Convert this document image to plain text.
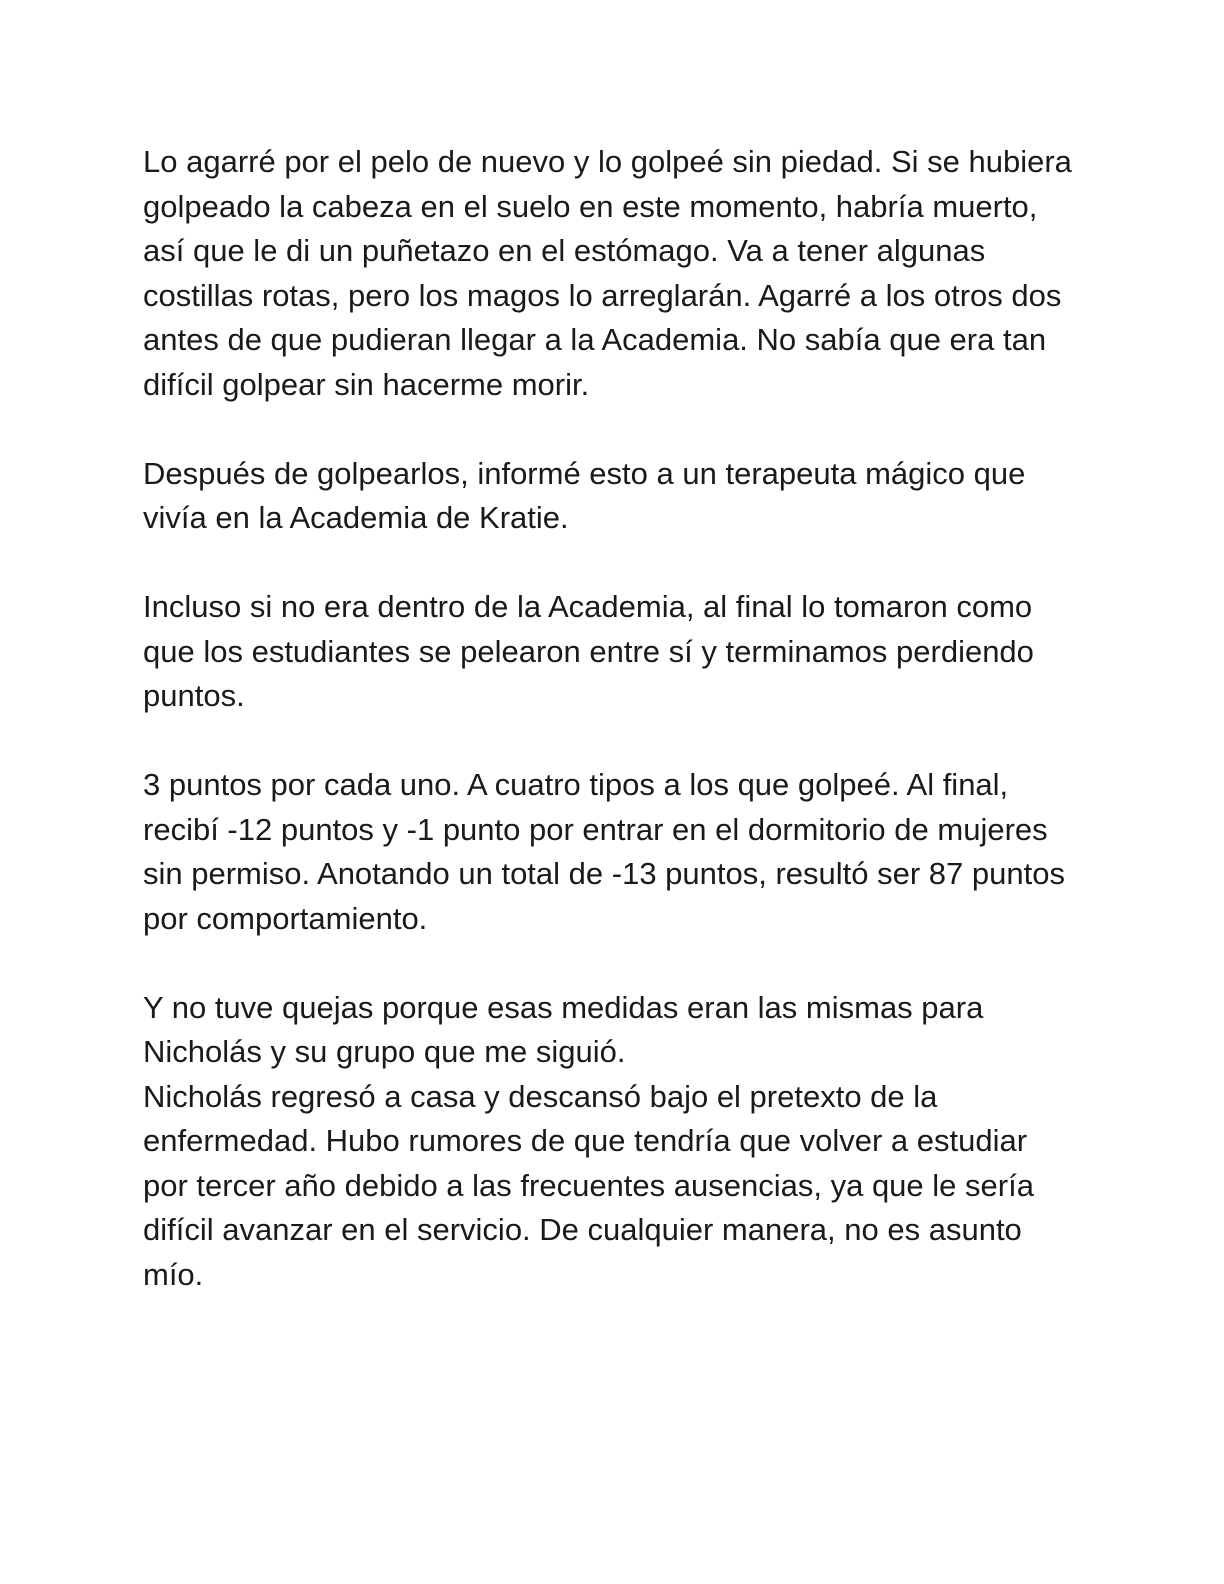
Lo agarré por el pelo de nuevo y lo golpeé sin piedad. Si se hubiera golpeado la cabeza en el suelo en este momento, habría muerto, así que le di un puñetazo en el estómago. Va a tener algunas costillas rotas, pero los magos lo arreglarán. Agarré a los otros dos antes de que pudieran llegar a la Academia. No sabía que era tan difícil golpear sin hacerme morir.

Después de golpearlos, informé esto a un terapeuta mágico que vivía en la Academia de Kratie.

Incluso si no era dentro de la Academia, al final lo tomaron como que los estudiantes se pelearon entre sí y terminamos perdiendo puntos.

3 puntos por cada uno. A cuatro tipos a los que golpeé. Al final, recibí -12 puntos y -1 punto por entrar en el dormitorio de mujeres sin permiso. Anotando un total de -13 puntos, resultó ser 87 puntos por comportamiento.

Y no tuve quejas porque esas medidas eran las mismas para Nicholás y su grupo que me siguió.

Nicholás regresó a casa y descansó bajo el pretexto de la enfermedad. Hubo rumores de que tendría que volver a estudiar por tercer año debido a las frecuentes ausencias, ya que le sería difícil avanzar en el servicio. De cualquier manera, no es asunto mío.
